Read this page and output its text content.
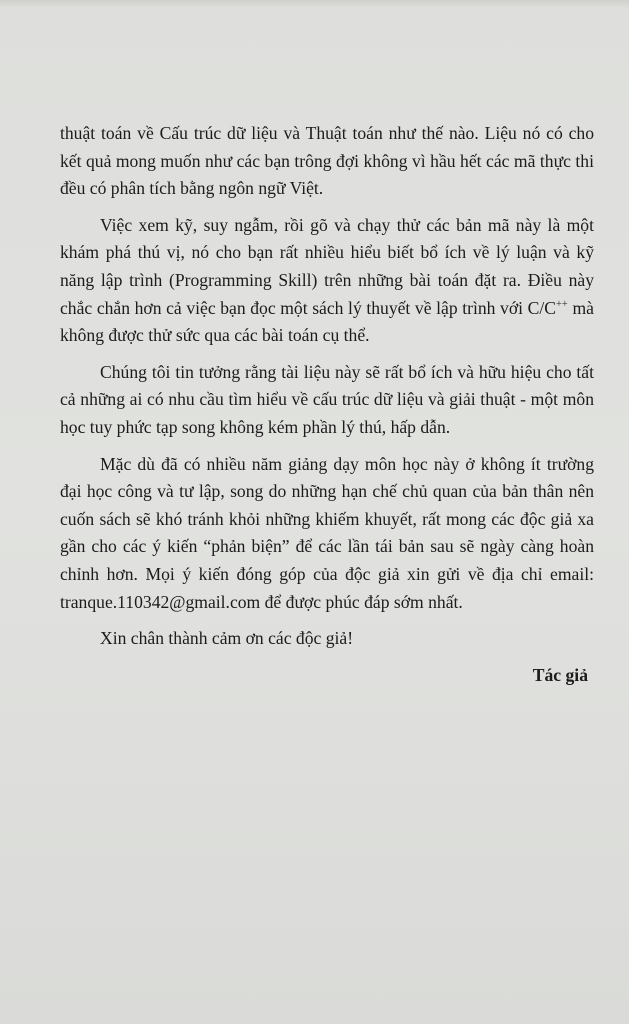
thuật toán về Cấu trúc dữ liệu và Thuật toán như thế nào. Liệu nó có cho kết quả mong muốn như các bạn trông đợi không vì hầu hết các mã thực thi đều có phân tích bằng ngôn ngữ Việt.

Việc xem kỹ, suy ngẫm, rồi gõ và chạy thử các bản mã này là một khám phá thú vị, nó cho bạn rất nhiều hiểu biết bổ ích về lý luận và kỹ năng lập trình (Programming Skill) trên những bài toán đặt ra. Điều này chắc chắn hơn cả việc bạn đọc một sách lý thuyết về lập trình với C/C++ mà không được thử sức qua các bài toán cụ thể.

Chúng tôi tin tưởng rằng tài liệu này sẽ rất bổ ích và hữu hiệu cho tất cả những ai có nhu cầu tìm hiểu về cấu trúc dữ liệu và giải thuật - một môn học tuy phức tạp song không kém phần lý thú, hấp dẫn.

Mặc dù đã có nhiều năm giảng dạy môn học này ở không ít trường đại học công và tư lập, song do những hạn chế chủ quan của bản thân nên cuốn sách sẽ khó tránh khỏi những khiếm khuyết, rất mong các độc giả xa gần cho các ý kiến “phản biện” để các lần tái bản sau sẽ ngày càng hoàn chỉnh hơn. Mọi ý kiến đóng góp của độc giả xin gửi về địa chỉ email: tranque.110342@gmail.com để được phúc đáp sớm nhất.

Xin chân thành cảm ơn các độc giả!

Tác giả
